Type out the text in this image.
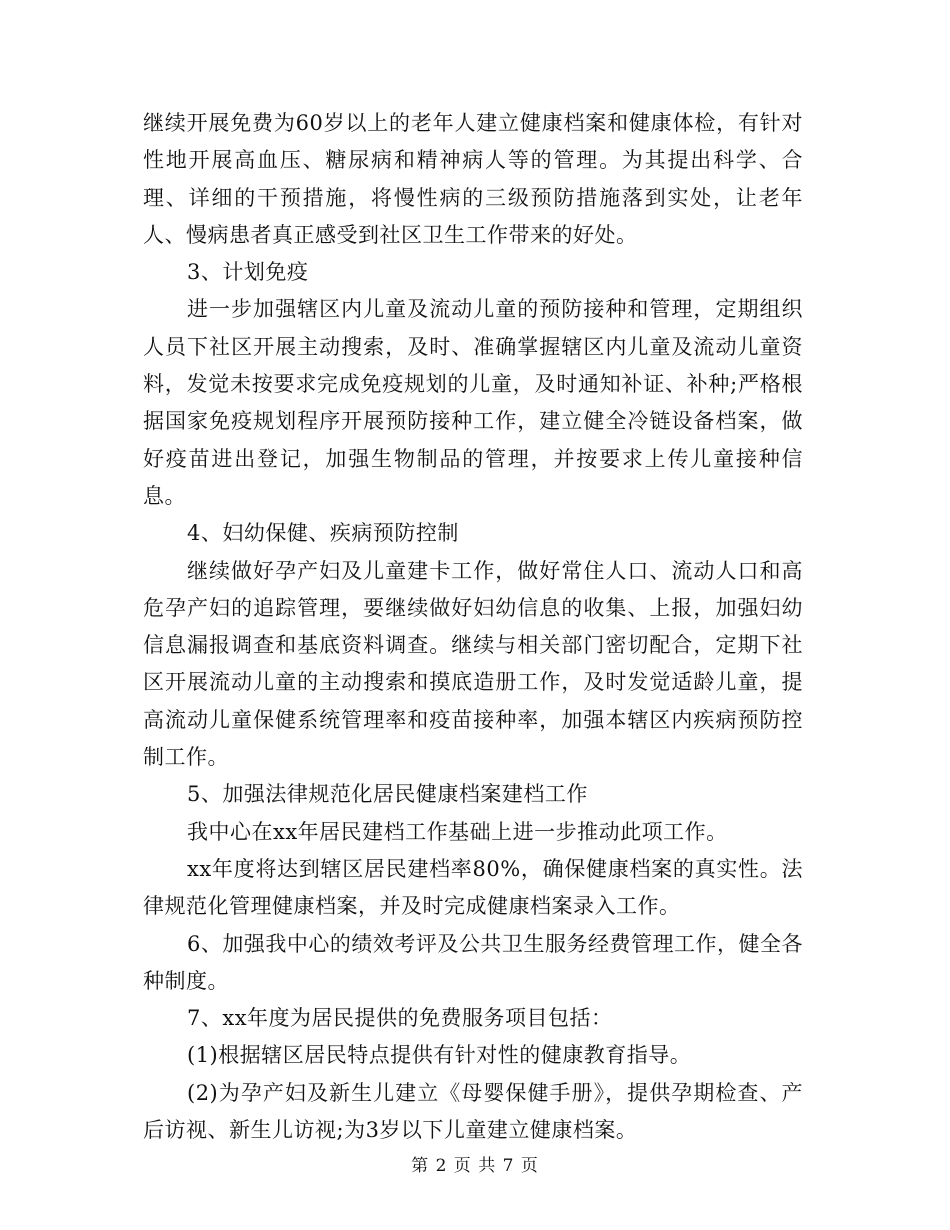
继续开展免费为60岁以上的老年人建立健康档案和健康体检，有针对性地开展高血压、糖尿病和精神病人等的管理。为其提出科学、合理、详细的干预措施，将慢性病的三级预防措施落到实处，让老年人、慢病患者真正感受到社区卫生工作带来的好处。

3、计划免疫

进一步加强辖区内儿童及流动儿童的预防接种和管理，定期组织人员下社区开展主动搜索，及时、准确掌握辖区内儿童及流动儿童资料，发觉未按要求完成免疫规划的儿童，及时通知补证、补种;严格根据国家免疫规划程序开展预防接种工作，建立健全冷链设备档案，做好疫苗进出登记，加强生物制品的管理，并按要求上传儿童接种信息。

4、妇幼保健、疾病预防控制

继续做好孕产妇及儿童建卡工作，做好常住人口、流动人口和高危孕产妇的追踪管理，要继续做好妇幼信息的收集、上报，加强妇幼信息漏报调查和基底资料调查。继续与相关部门密切配合，定期下社区开展流动儿童的主动搜索和摸底造册工作，及时发觉适龄儿童，提高流动儿童保健系统管理率和疫苗接种率，加强本辖区内疾病预防控制工作。

5、加强法律规范化居民健康档案建档工作

我中心在xx年居民建档工作基础上进一步推动此项工作。

xx年度将达到辖区居民建档率80%，确保健康档案的真实性。法律规范化管理健康档案，并及时完成健康档案录入工作。

6、加强我中心的绩效考评及公共卫生服务经费管理工作，健全各种制度。

7、xx年度为居民提供的免费服务项目包括：

(1)根据辖区居民特点提供有针对性的健康教育指导。

(2)为孕产妇及新生儿建立《母婴保健手册》，提供孕期检查、产后访视、新生儿访视;为3岁以下儿童建立健康档案。

第 2 页 共 7 页
